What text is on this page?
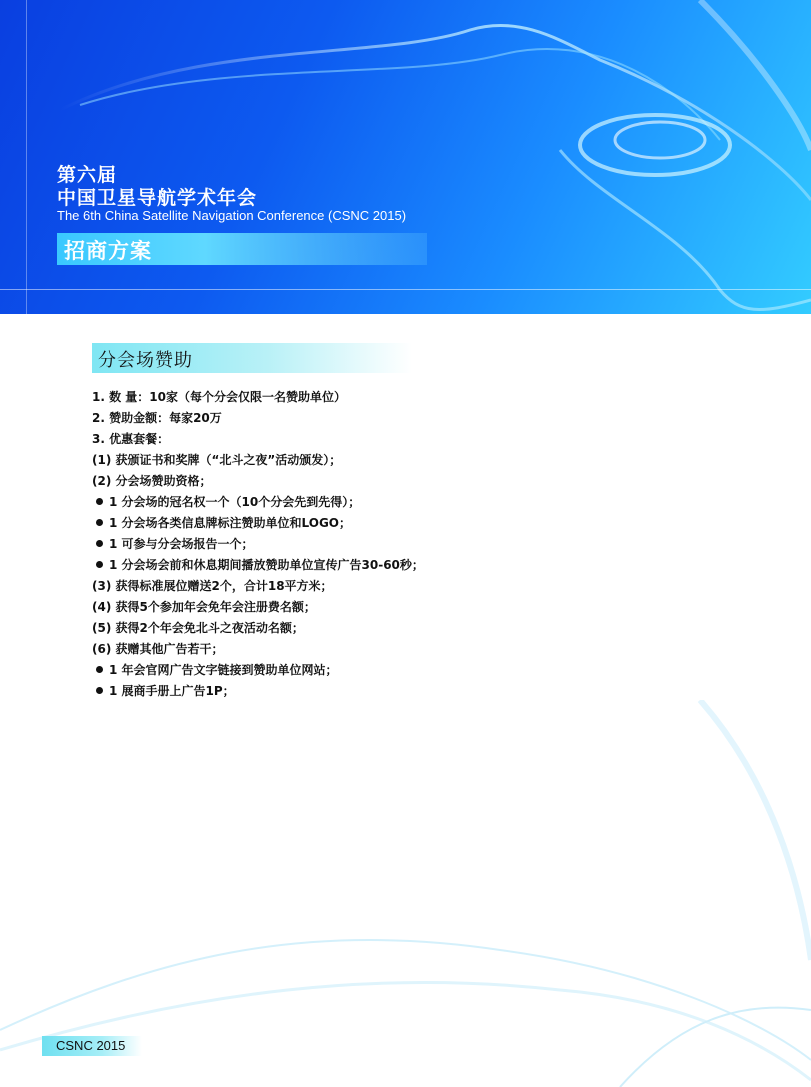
第六届
中国卫星导航学术年会
The 6th China Satellite Navigation Conference (CSNC 2015)
招商方案
分会场赞助
1. 数 量：10家（每个分会仅限一名赞助单位）
2. 赞助金额：每家20万
3. 优惠套餐：
(1) 获颁证书和奖牌（“北斗之夜”活动颁发）；
(2) 分会场赞助资格；
1 分会场的冠名权一个（10个分会先到先得）；
1 分会场各类信息牌标注赞助单位和LOGO；
1 可参与分会场报告一个；
1 分会场会前和休息期间播放赞助单位宣传广告30-60秒；
(3) 获得标准展位赠送2个，合计18平方米；
(4) 获得5个参加年会免年会注册费名额；
(5) 获得2个年会免北斗之夜活动名额；
(6) 获赠其他广告若干；
1 年会官网广告文字链接到赞助单位网站；
1 展商手册上广告1P；
CSNC 2015
